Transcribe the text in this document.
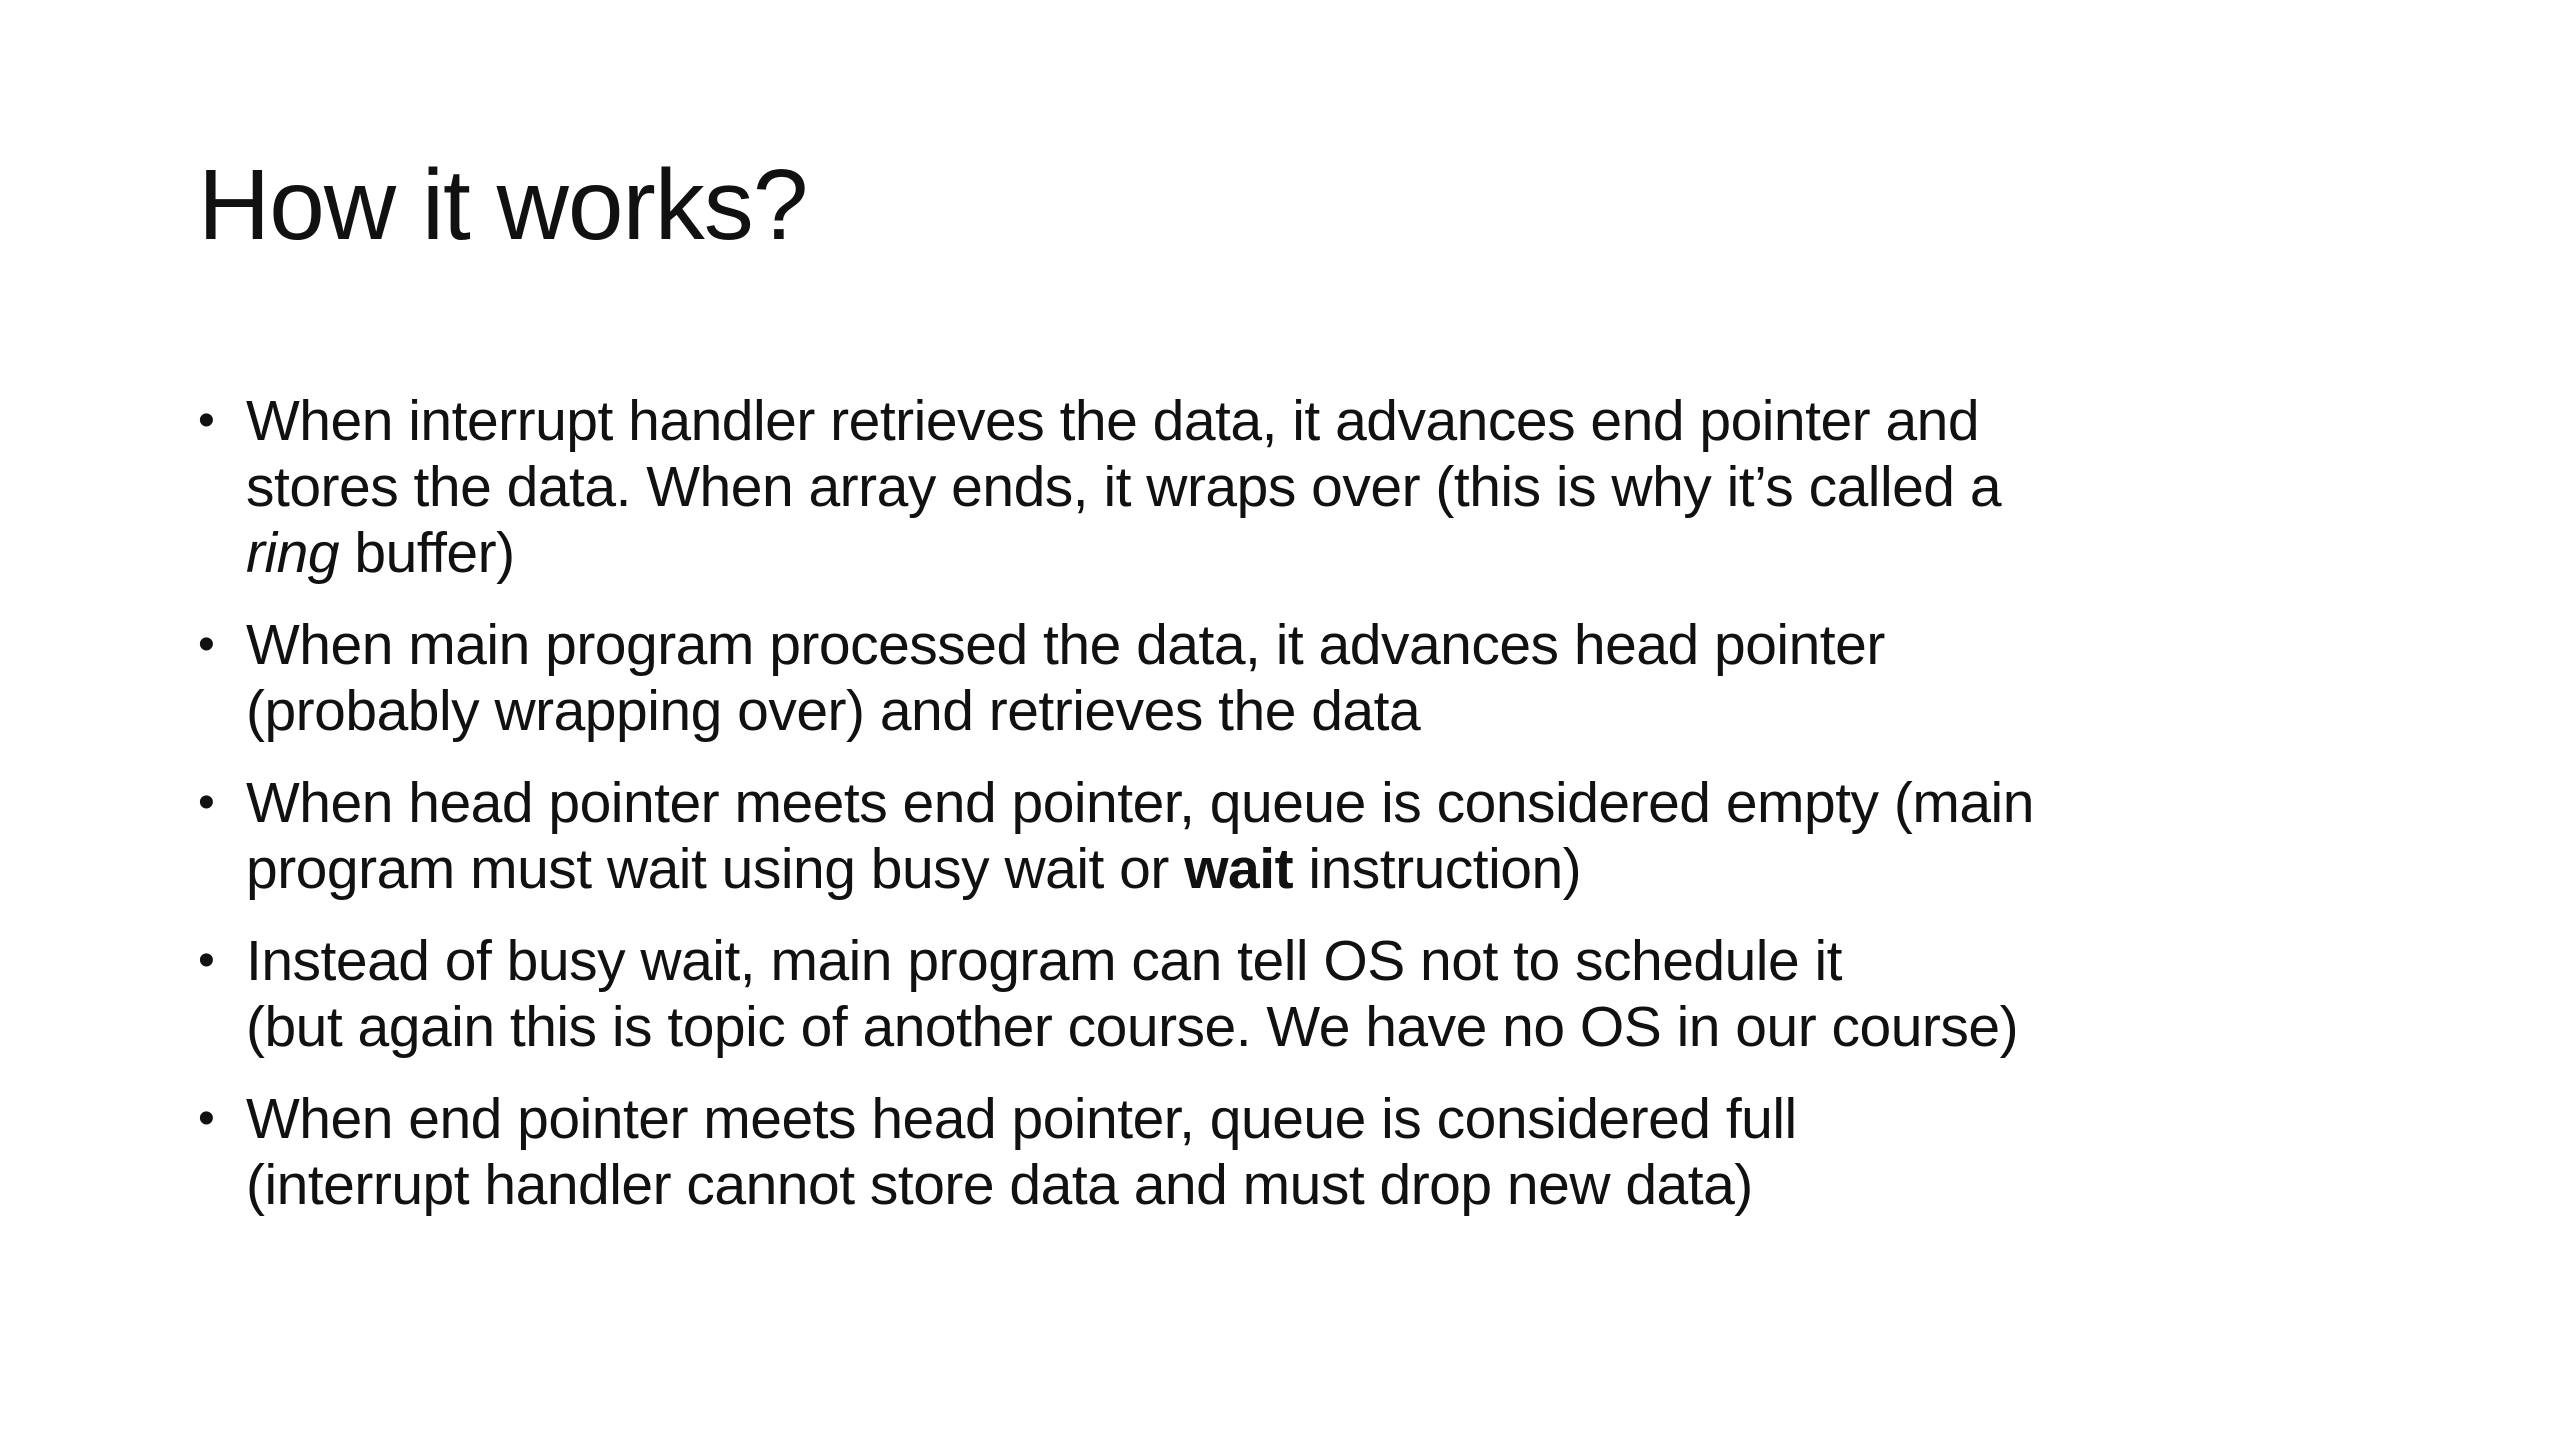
How it works?
• When interrupt handler retrieves the data, it advances end pointer and
stores the data. When array ends, it wraps over (this is why it’s called a
ring buffer)
• When main program processed the data, it advances head pointer
(probably wrapping over) and retrieves the data
• When head pointer meets end pointer, queue is considered empty (main
program must wait using busy wait or wait instruction)
• Instead of busy wait, main program can tell OS not to schedule it
(but again this is topic of another course. We have no OS in our course)
• When end pointer meets head pointer, queue is considered full
(interrupt handler cannot store data and must drop new data)
